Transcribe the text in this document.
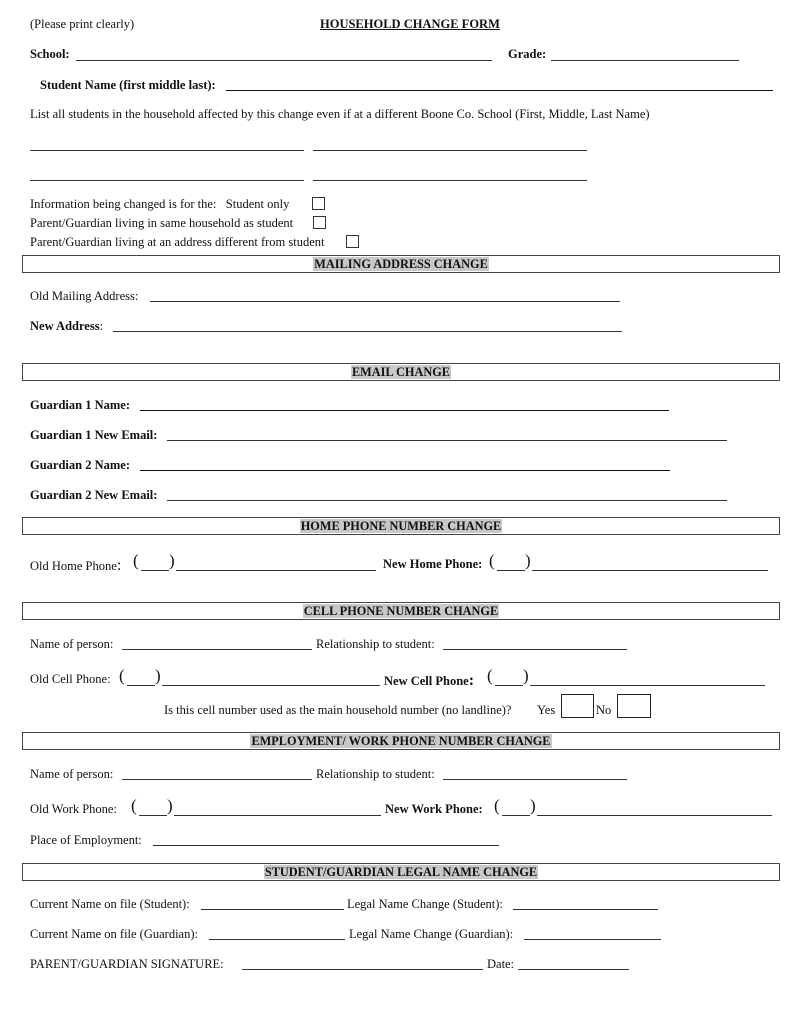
(Please print clearly)	HOUSEHOLD CHANGE FORM
School:	Grade:
Student Name (first middle last):
List all students in the household affected by this change even if at a different Boone Co. School (First, Middle, Last Name)
Information being changed is for the: Student only
Parent/Guardian living in same household as student
Parent/Guardian living at an address different from student
MAILING ADDRESS CHANGE
Old Mailing Address:
New Address:
EMAIL CHANGE
Guardian 1 Name:
Guardian 1 New Email:
Guardian 2 Name:
Guardian 2 New Email:
HOME PHONE NUMBER CHANGE
Old Home Phone: ( )	New Home Phone: ( )
CELL PHONE NUMBER CHANGE
Name of person:	Relationship to student:
Old Cell Phone: ( )	New Cell Phone: ( )
Is this cell number used as the main household number (no landline)? Yes	No
EMPLOYMENT/ WORK PHONE NUMBER CHANGE
Name of person:	Relationship to student:
Old Work Phone: ( )	New Work Phone: ( )
Place of Employment:
STUDENT/GUARDIAN LEGAL NAME CHANGE
Current Name on file (Student):	Legal Name Change (Student):
Current Name on file (Guardian):	Legal Name Change (Guardian):
PARENT/GUARDIAN SIGNATURE:	Date:
